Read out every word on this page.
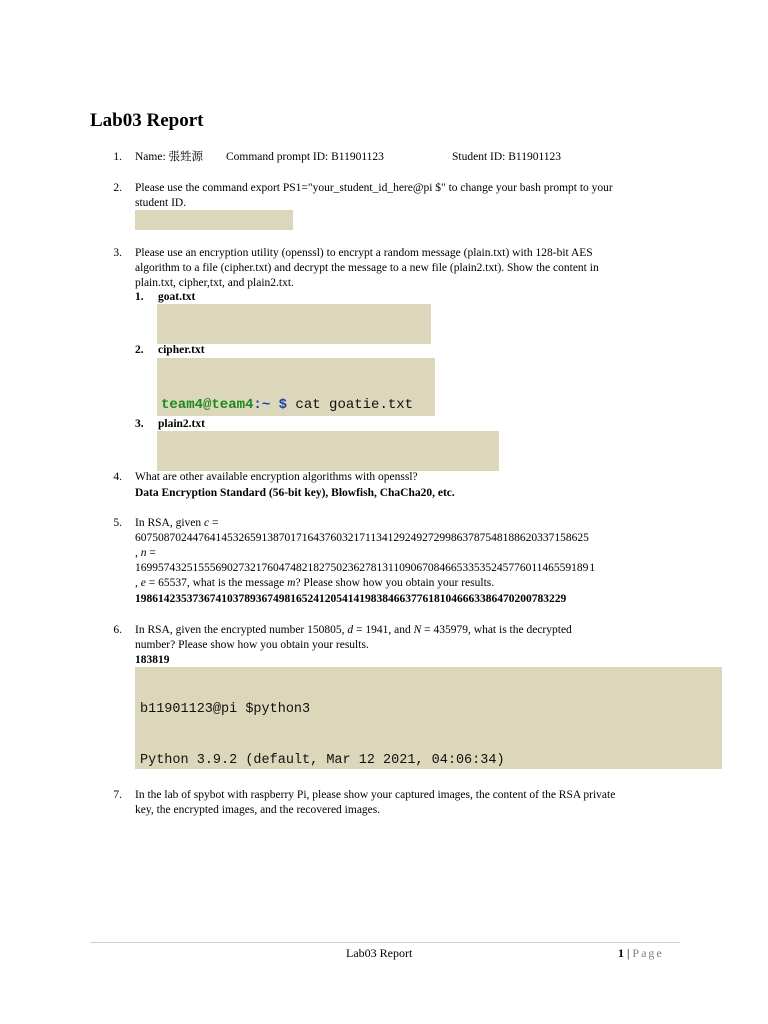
Lab03 Report
1. Name: 張甡源 Command prompt ID: B11901123	Student ID: B11901123
2. Please use the command export PS1="your_student_id_here@pi $" to change your bash prompt to your
student ID.

3. Please use an encryption utility (openssl) to encrypt a random message (plain.txt) with 128-bit AES
algorithm to a file (cipher.txt) and decrypt the message to a new file (plain2.txt). Show the content in
plain.txt, cipher,txt, and plain2.txt.
1. goat.txt

2. cipher.txt

team4@team4:~ $ cat goatie.txt

3. plain2.txt

4. What are other available encryption algorithms with openssl?
Data Encryption Standard (56-bit key), Blowfish, ChaCha20, etc.
5. In RSA, given c =
6075087024476414532659138701716437603217113412924927299863787548188620337158625
, n =
1699574325155569027321760474821827502362781311090670846653353524577601146559189 1
, e = 65537, what is the message m? Please show how you obtain your results.
198614235373674103789367498165241205414198384663776181046663386470200783229
6. In RSA, given the encrypted number 150805, d = 1941, and N = 435979, what is the decrypted
number? Please show how you obtain your results.
183819

b11901123@pi $python3

Python 3.9.2 (default, Mar 12 2021, 04:06:34)

7. In the lab of spybot with raspberry Pi, please show your captured images, the content of the RSA private
key, the encrypted images, and the recovered images.
Lab03 Report	1 | Page
